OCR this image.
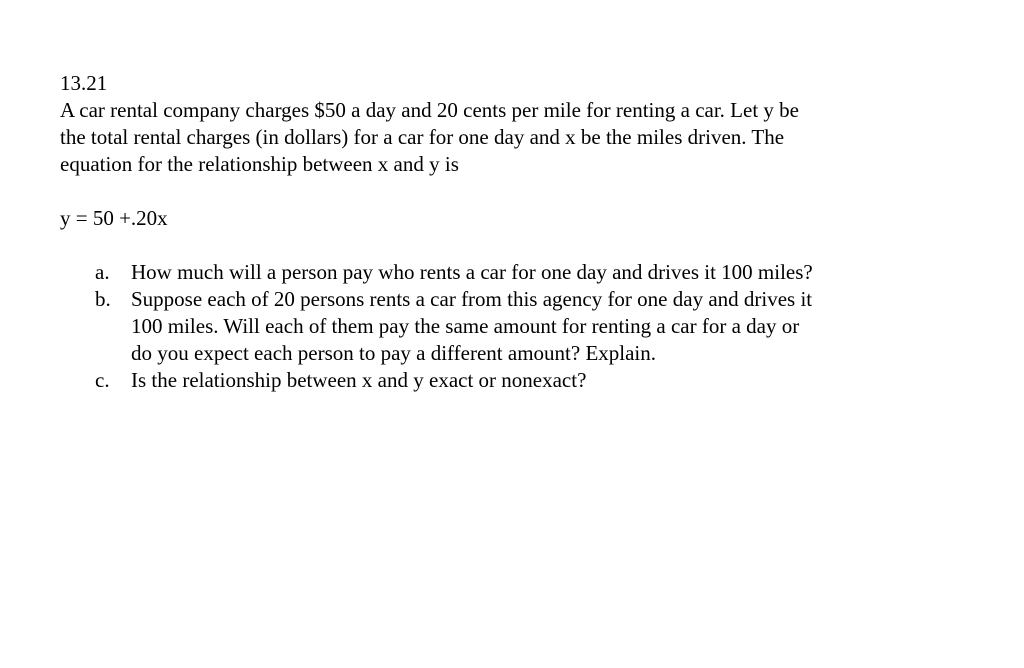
13.21

A car rental company charges $50 a day and 20 cents per mile for renting a car. Let y be
the total rental charges (in dollars) for a car for one day and x be the miles driven. The
equation for the relationship between x and y is

y = 50 +.20x
a. How much will a person pay who rents a car for one day and drives it 100 miles?
b. Suppose each of 20 persons rents a car from this agency for one day and drives it
100 miles. Will each of them pay the same amount for renting a car for a day or
do you expect each person to pay a different amount? Explain.
c. Is the relationship between x and y exact or nonexact?
